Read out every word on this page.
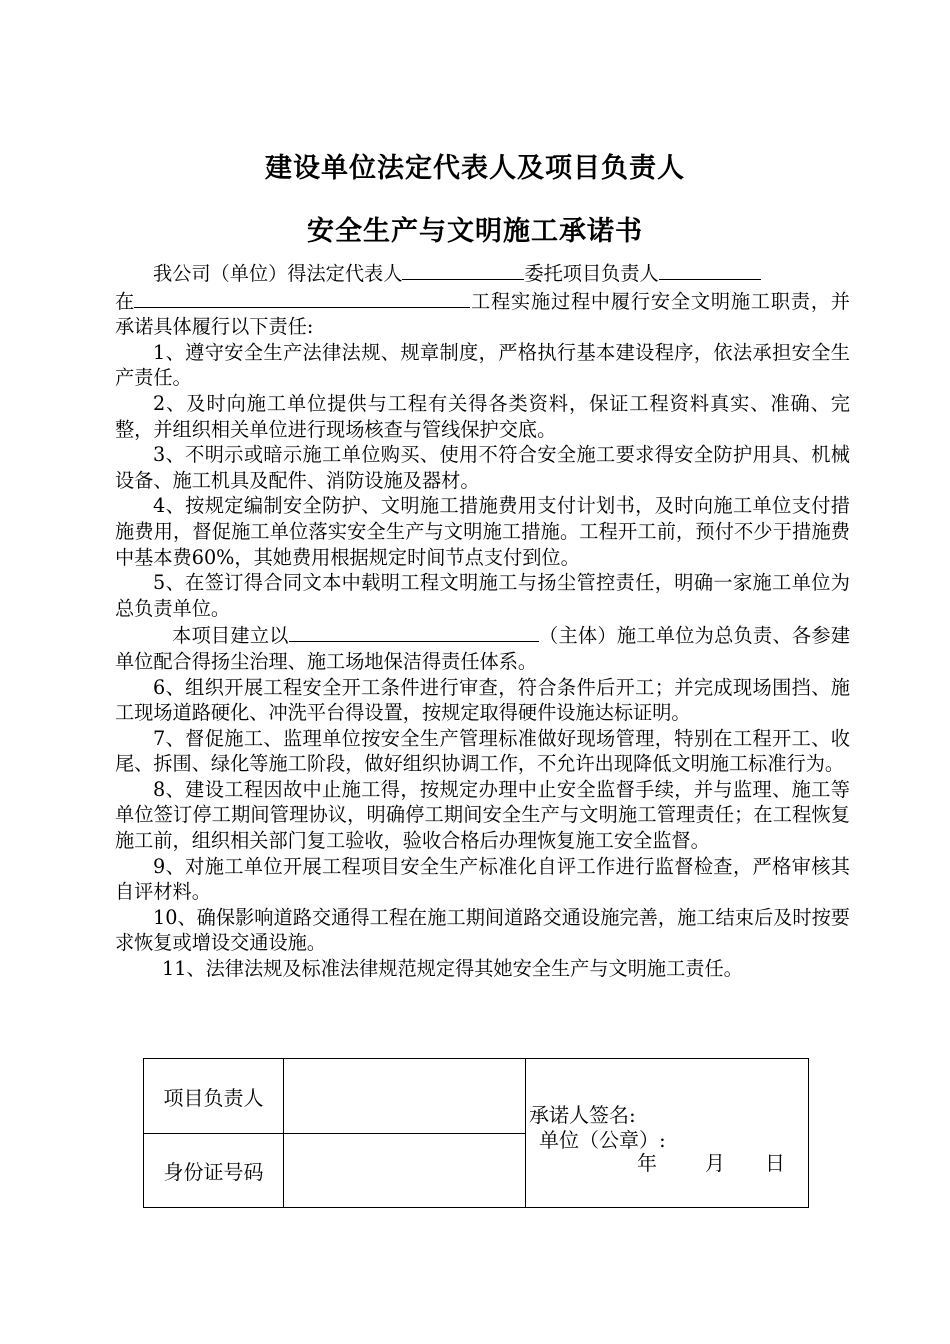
建设单位法定代表人及项目负责人
安全生产与文明施工承诺书

我公司（单位）得法定代表人	委托项目负责人
在	工程实施过程中履行安全文明施工职责，并承诺具体履行以下责任:

1、遵守安全生产法律法规、规章制度，严格执行基本建设程序，依法承担安全生产责任。

2、及时向施工单位提供与工程有关得各类资料，保证工程资料真实、准确、完整，并组织相关单位进行现场核查与管线保护交底。

3、不明示或暗示施工单位购买、使用不符合安全施工要求得安全防护用具、机械设备、施工机具及配件、消防设施及器材。

4、按规定编制安全防护、文明施工措施费用支付计划书，及时向施工单位支付措施费用，督促施工单位落实安全生产与文明施工措施。工程开工前，预付不少于措施费中基本费60%，其她费用根据规定时间节点支付到位。

5、在签订得合同文本中载明工程文明施工与扬尘管控责任，明确一家施工单位为总负责单位。

本项目建立以	（主体）施工单位为总负责、各参建单位配合得扬尘治理、施工场地保洁得责任体系。

6、组织开展工程安全开工条件进行审查，符合条件后开工；并完成现场围挡、施工现场道路硬化、冲洗平台得设置，按规定取得硬件设施达标证明。

7、督促施工、监理单位按安全生产管理标准做好现场管理，特别在工程开工、收尾、拆围、绿化等施工阶段，做好组织协调工作，不允许出现降低文明施工标准行为。

8、建设工程因故中止施工得，按规定办理中止安全监督手续，并与监理、施工等单位签订停工期间管理协议，明确停工期间安全生产与文明施工管理责任；在工程恢复施工前，组织相关部门复工验收，验收合格后办理恢复施工安全监督。

9、对施工单位开展工程项目安全生产标准化自评工作进行监督检查，严格审核其自评材料。

10、确保影响道路交通得工程在施工期间道路交通设施完善，施工结束后及时按要求恢复或增设交通设施。

11、法律法规及标准法律规范规定得其她安全生产与文明施工责任。

项目负责人
身份证号码
承诺人签名:
单位（公章）:
年 月 日
